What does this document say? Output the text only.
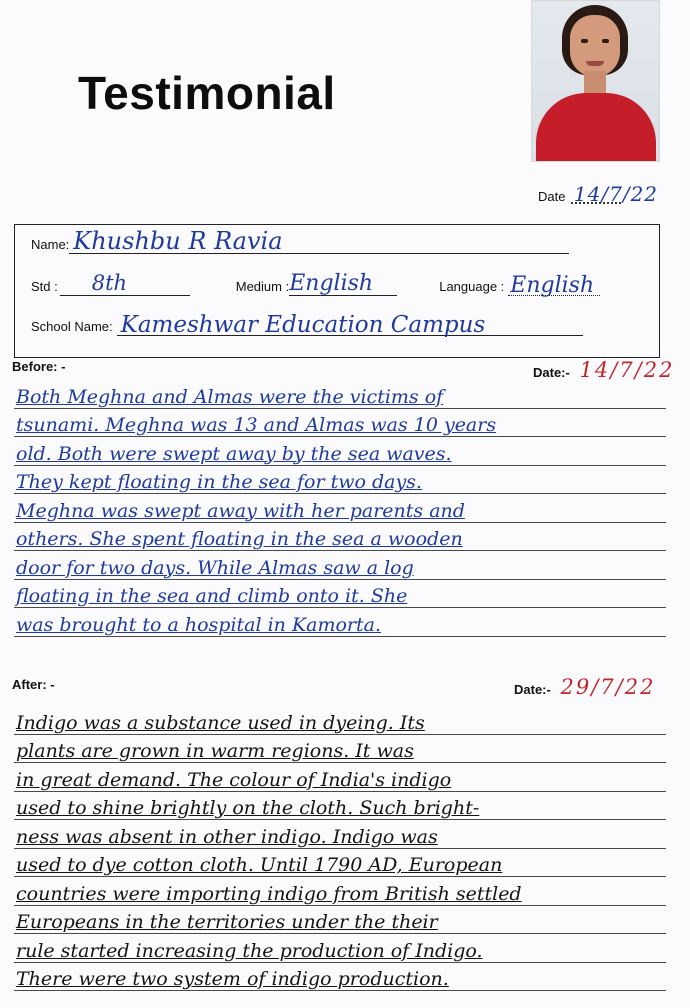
Testimonial
Date 14/7/22
Name: Khushbu R Ravia
Std : 8th	Medium : English	Language : English
School Name: Kameshwar Education Campus
Before: -	Date:- 14/7/22
Both Meghna and Almas were the victims of
tsunami. Meghna was 13 and Almas was 10 years
old. Both were swept away by the sea waves.
They kept floating in the sea for two days.
Meghna was swept away with her parents and
others. She spent floating in the sea a wooden
door for two days. While Almas saw a log
floating in the sea and climb onto it. She
was brought to a hospital in Kamorta.
After: -	Date:- 29/7/22
Indigo was a substance used in dyeing. Its
plants are grown in warm regions. It was
in great demand. The colour of India's indigo
used to shine brightly on the cloth. Such bright-
ness was absent in other indigo. Indigo was
used to dye cotton cloth. Until 1790 AD, European
countries were importing indigo from British settled
Europeans in the territories under the their
rule started increasing the production of Indigo.
There were two system of indigo production.
